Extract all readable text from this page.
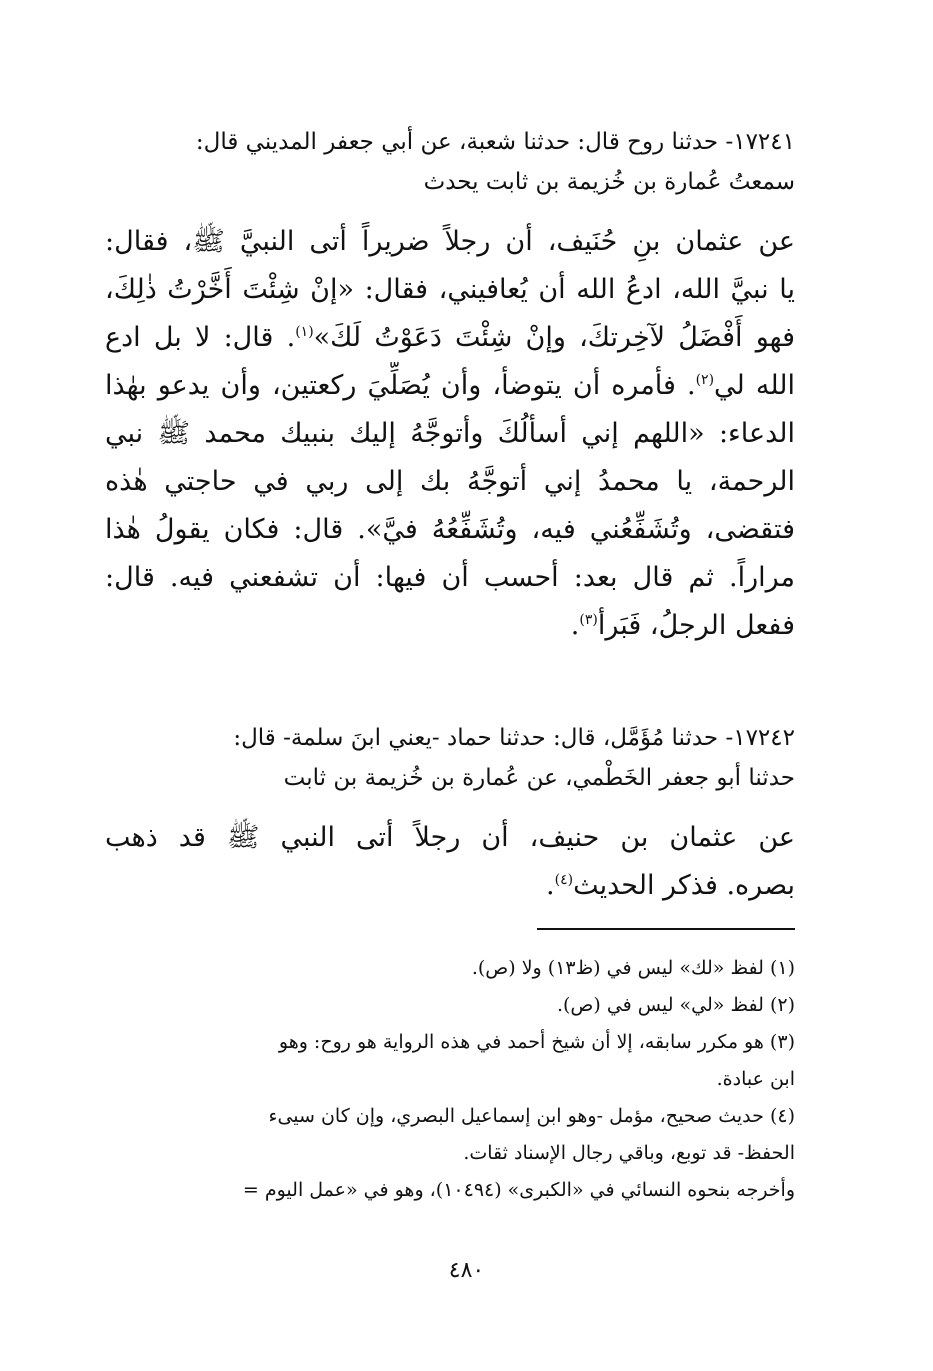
١٧٢٤١- حدثنا روح قال: حدثنا شعبة، عن أبي جعفر المديني قال:
سمعتُ عُمارة بن خُزيمة بن ثابت يحدث
عن عثمان بنِ حُنَيف، أن رجلاً ضريراً أتى النبيَّ ﷺ، فقال:
يا نبيَّ الله، ادعُ الله أن يُعافيني، فقال: «إنْ شِئْتَ أَخَّرْتُ ذٰلِكَ،
فهو أَفْضَلُ لآخِرتكَ، وإنْ شِئْتَ دَعَوْتُ لَكَ»$^{(١)}$. قال: لا بل ادع
الله لي$^{(٢)}$. فأمره أن يتوضأ، وأن يُصَلِّيَ ركعتين، وأن يدعو بهٰذا
الدعاء: «اللهم إني أسألُكَ وأتوجَّهُ إليك بنبيك محمد ﷺ نبي
الرحمة، يا محمدُ إني أتوجَّهُ بك إلى ربي في حاجتي هٰذه
فتقضى، وتُشَفِّعُني فيه، وتُشَفِّعُهُ فيَّ». قال: فكان يقولُ هٰذا
مراراً. ثم قال بعد: أحسب أن فيها: أن تشفعني فيه. قال:
ففعل الرجلُ، فَبَرأ$^{(٣)}$.
١٧٢٤٢- حدثنا مُؤَمَّل، قال: حدثنا حماد -يعني ابنَ سلمة- قال:
حدثنا أبو جعفر الخَطْمي، عن عُمارة بن خُزيمة بن ثابت
عن عثمان بن حنيف، أن رجلاً أتى النبي ﷺ قد ذهب
بصره. فذكر الحديث$^{(٤)}$.
(١) لفظ «لك» ليس في (ظ١٣) ولا (ص).
(٢) لفظ «لي» ليس في (ص).
(٣) هو مكرر سابقه، إلا أن شيخ أحمد في هذه الرواية هو روح: وهو
ابن عبادة.
(٤) حديث صحيح، مؤمل -وهو ابن إسماعيل البصري، وإن كان سيىء
الحفظ- قد توبع، وباقي رجال الإسناد ثقات.
وأخرجه بنحوه النسائي في «الكبرى» (١٠٤٩٤)، وهو في «عمل اليوم =
٤٨٠
